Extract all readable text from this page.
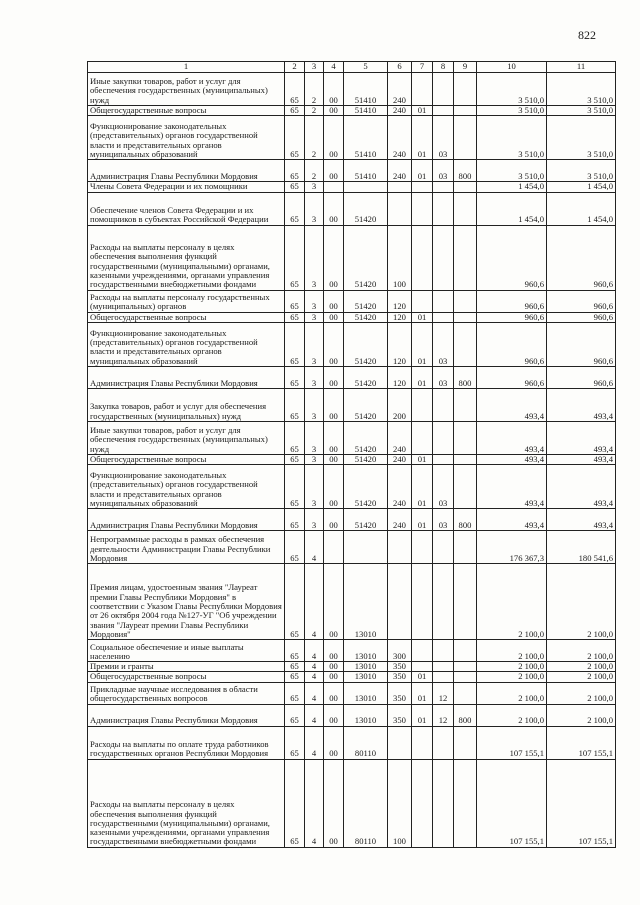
822
1	2	3	4	5	6	7	8	9	10	11
Иные закупки товаров, работ и услуг для обеспечения государственных (муниципальных) нужд	65	2	00	51410	240				3 510,0	3 510,0
Общегосударственные вопросы	65	2	00	51410	240	01			3 510,0	3 510,0
Функционирование законодательных (представительных) органов государственной власти и представительных органов муниципальных образований	65	2	00	51410	240	01	03		3 510,0	3 510,0
Администрация Главы Республики Мордовия	65	2	00	51410	240	01	03	800	3 510,0	3 510,0
Члены Совета Федерации и их помощники	65	3							1 454,0	1 454,0
Обеспечение членов Совета Федерации и их помощников в субъектах Российской Федерации	65	3	00	51420					1 454,0	1 454,0
Расходы на выплаты персоналу в целях обеспечения выполнения функций государственными (муниципальными) органами, казенными учреждениями, органами управления государственными внебюджетными фондами	65	3	00	51420	100				960,6	960,6
Расходы на выплаты персоналу государственных (муниципальных) органов	65	3	00	51420	120				960,6	960,6
Общегосударственные вопросы	65	3	00	51420	120	01			960,6	960,6
Функционирование законодательных (представительных) органов государственной власти и представительных органов муниципальных образований	65	3	00	51420	120	01	03		960,6	960,6
Администрация Главы Республики Мордовия	65	3	00	51420	120	01	03	800	960,6	960,6
Закупка товаров, работ и услуг для обеспечения государственных (муниципальных) нужд	65	3	00	51420	200				493,4	493,4
Иные закупки товаров, работ и услуг для обеспечения государственных (муниципальных) нужд	65	3	00	51420	240				493,4	493,4
Общегосударственные вопросы	65	3	00	51420	240	01			493,4	493,4
Функционирование законодательных (представительных) органов государственной власти и представительных органов муниципальных образований	65	3	00	51420	240	01	03		493,4	493,4
Администрация Главы Республики Мордовия	65	3	00	51420	240	01	03	800	493,4	493,4
Непрограммные расходы в рамках обеспечения деятельности Администрации Главы Республики Мордовия	65	4							176 367,3	180 541,6
Премия лицам, удостоенным звания "Лауреат премии Главы Республики Мордовия" в соответствии с Указом Главы Республики Мордовия от 26 октября 2004 года №127-УГ "Об учреждении звания "Лауреат премии Главы Республики Мордовия"	65	4	00	13010					2 100,0	2 100,0
Социальное обеспечение и иные выплаты населению	65	4	00	13010	300				2 100,0	2 100,0
Премии и гранты	65	4	00	13010	350				2 100,0	2 100,0
Общегосударственные вопросы	65	4	00	13010	350	01			2 100,0	2 100,0
Прикладные научные исследования в области общегосударственных вопросов	65	4	00	13010	350	01	12		2 100,0	2 100,0
Администрация Главы Республики Мордовия	65	4	00	13010	350	01	12	800	2 100,0	2 100,0
Расходы на выплаты по оплате труда работников государственных органов Республики Мордовия	65	4	00	80110					107 155,1	107 155,1
Расходы на выплаты персоналу в целях обеспечения выполнения функций государственными (муниципальными) органами, казенными учреждениями, органами управления государственными внебюджетными фондами	65	4	00	80110	100				107 155,1	107 155,1
